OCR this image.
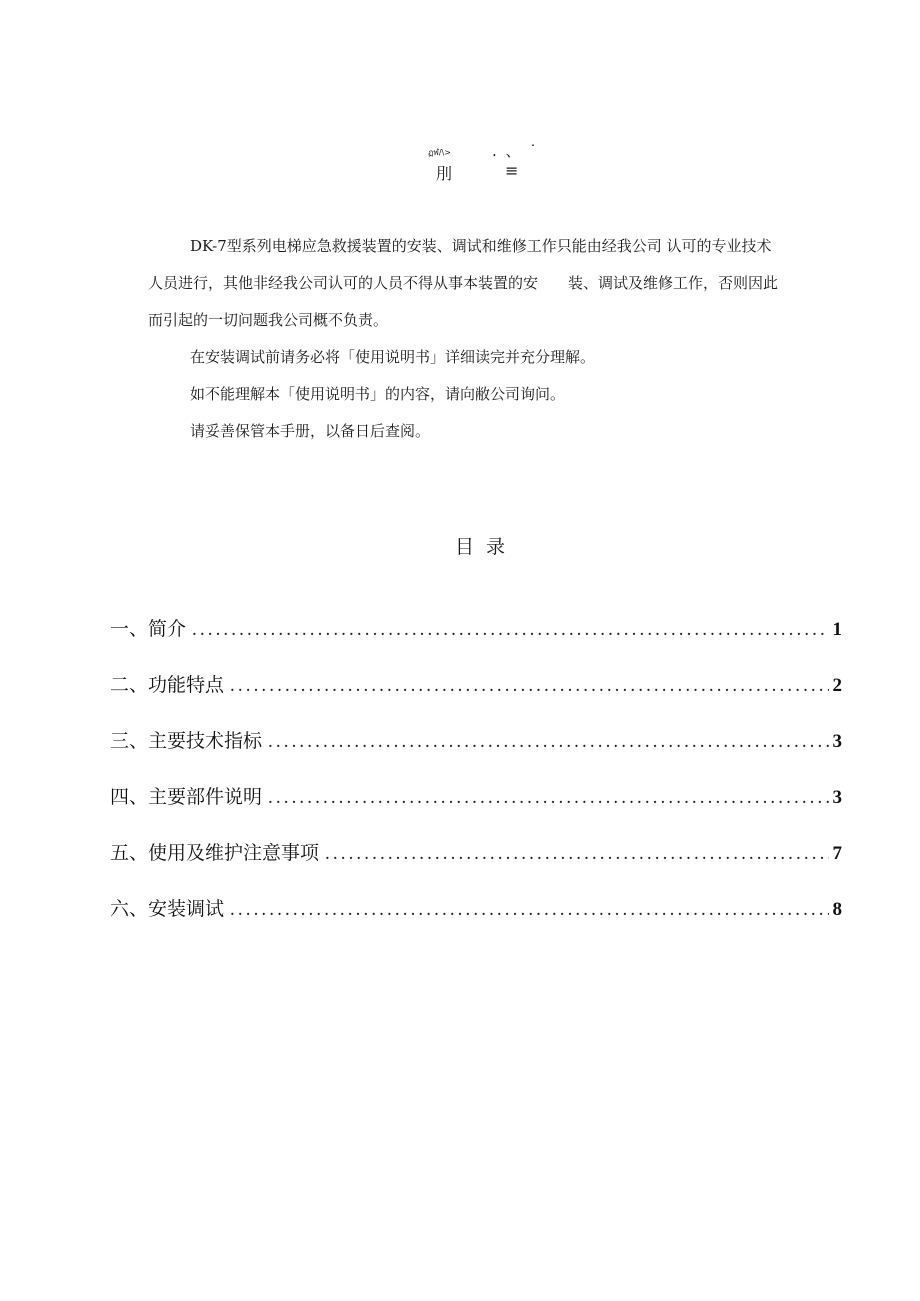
ฏฬ/\>	. 、 ˙
刖	≡

DK-7型系列电梯应急救援装置的安装、调试和维修工作只能由经我公司 认可的专业技术

人员进行，其他非经我公司认可的人员不得从事本装置的安　　装、调试及维修工作，否则因此

而引起的一切问题我公司概不负责。

在安装调试前请务必将「使用说明书」详细读完并充分理解。

如不能理解本「使用说明书」的内容，请向敝公司询问。

请妥善保管本手册，以备日后查阅。

目录
一、简介 .....	1
二、功能特点 .....	2
三、主要技术指标 .....	3
四、主要部件说明 .....	3
五、使用及维护注意事项 .....	7
六、安装调试 .....	8
